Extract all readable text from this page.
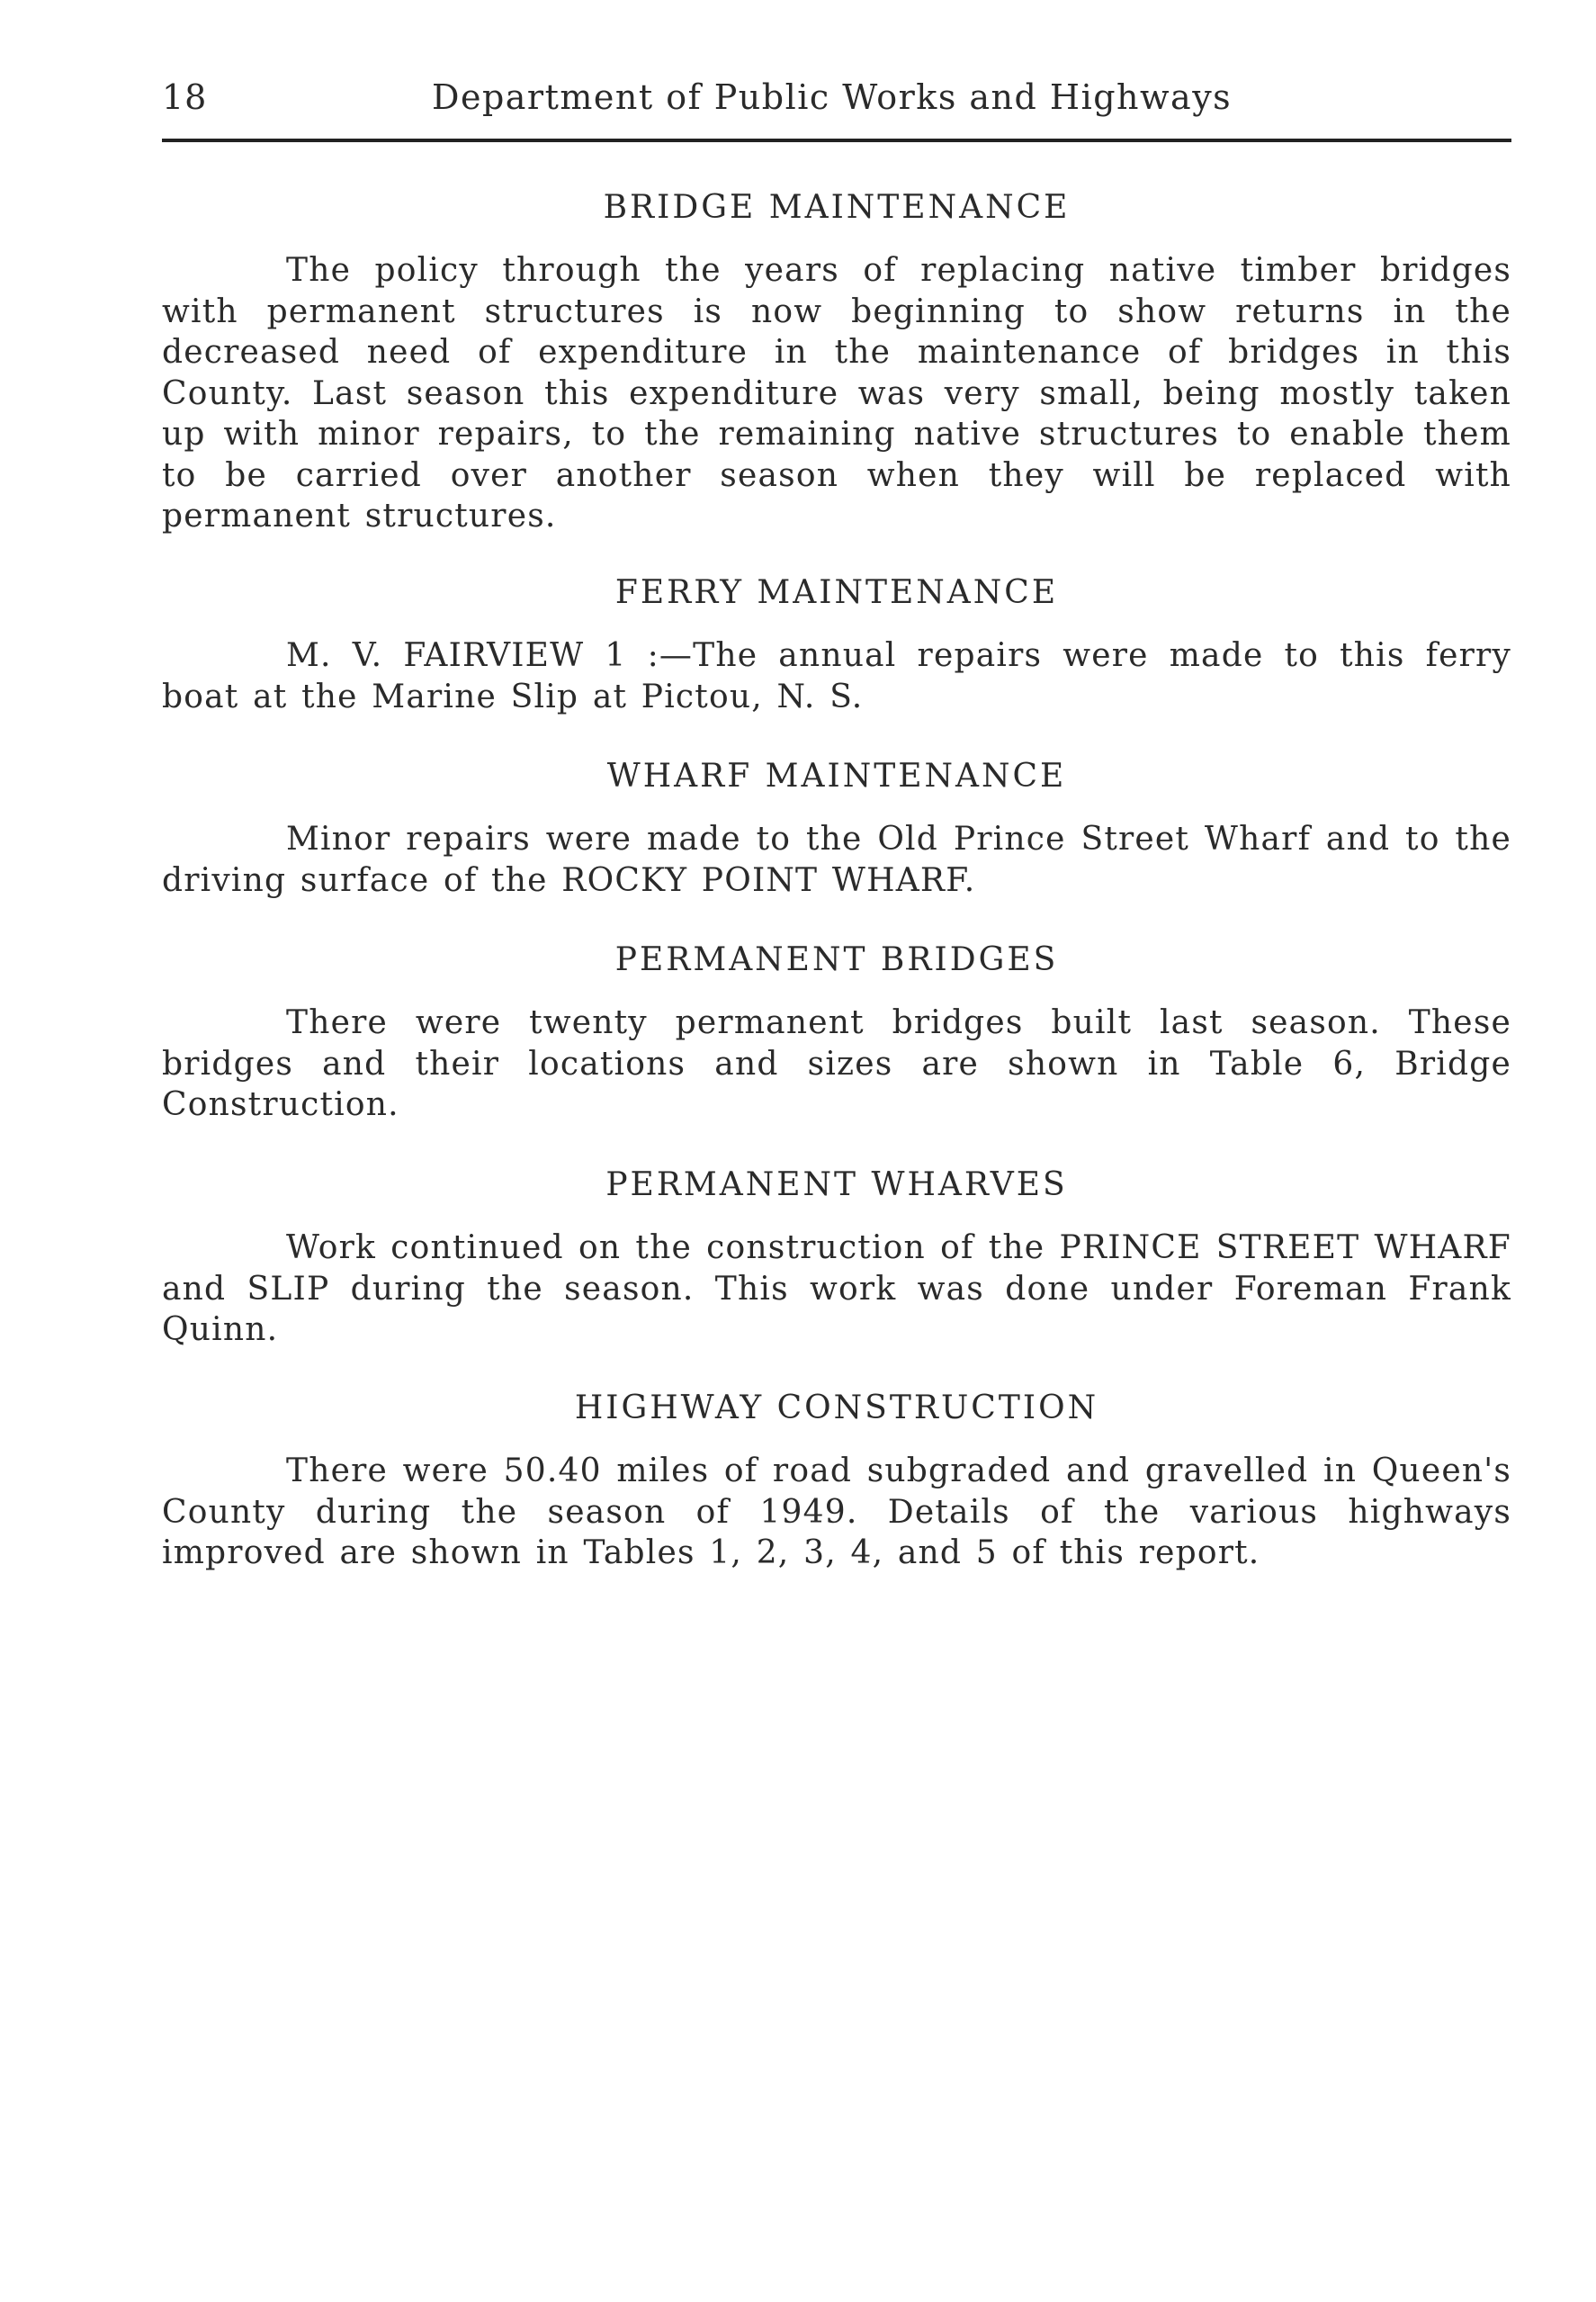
18	Department of Public Works and Highways
BRIDGE MAINTENANCE

The policy through the years of replacing native timber bridges with permanent structures is now beginning to show returns in the decreased need of expenditure in the maintenance of bridges in this County. Last season this expenditure was very small, being mostly taken up with minor repairs, to the remaining native structures to enable them to be carried over another season when they will be replaced with permanent structures.

FERRY MAINTENANCE

M. V. FAIRVIEW 1 :—The annual repairs were made to this ferry boat at the Marine Slip at Pictou, N. S.

WHARF MAINTENANCE

Minor repairs were made to the Old Prince Street Wharf and to the driving surface of the ROCKY POINT WHARF.

PERMANENT BRIDGES

There were twenty permanent bridges built last season. These bridges and their locations and sizes are shown in Table 6, Bridge Construction.

PERMANENT WHARVES

Work continued on the construction of the PRINCE STREET WHARF and SLIP during the season. This work was done under Foreman Frank Quinn.

HIGHWAY CONSTRUCTION

There were 50.40 miles of road subgraded and gravelled in Queen's County during the season of 1949. Details of the various highways improved are shown in Tables 1, 2, 3, 4, and 5 of this report.
